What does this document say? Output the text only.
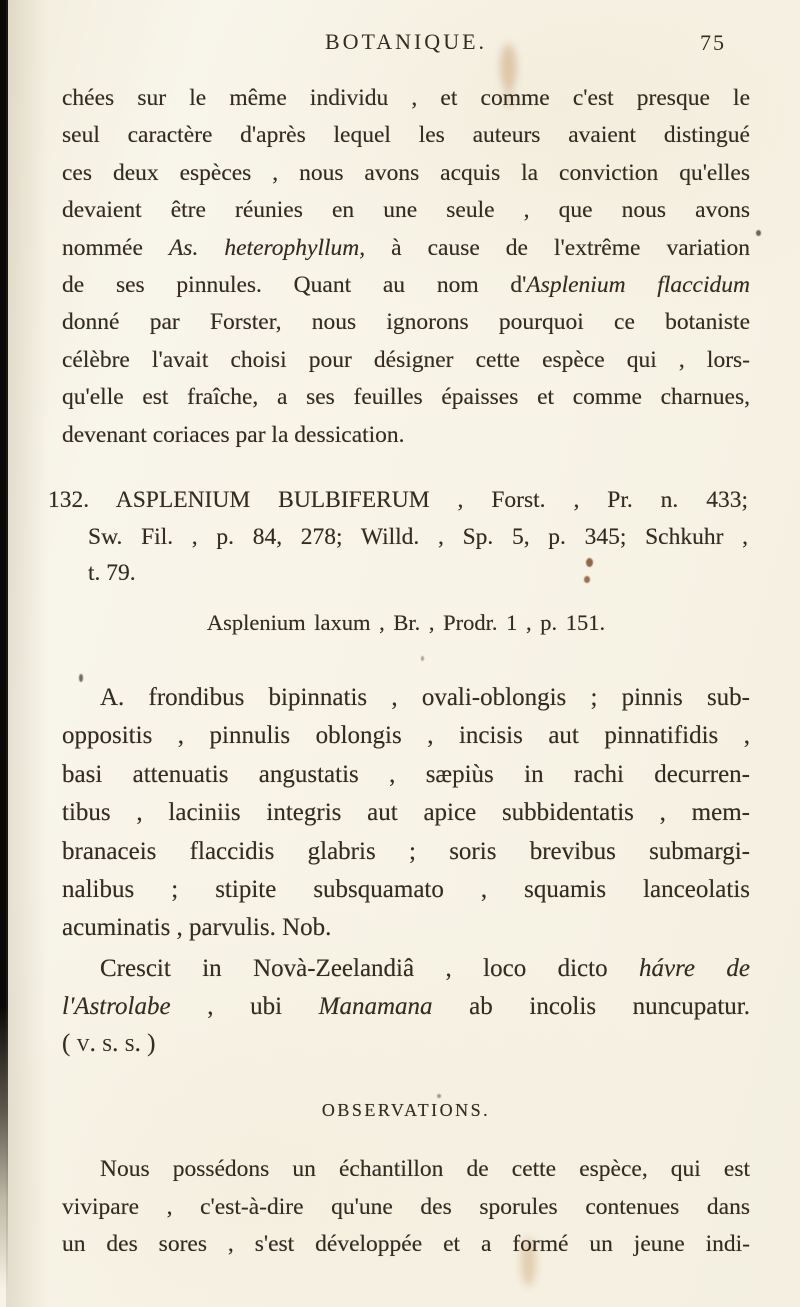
BOTANIQUE.	75
chées sur le même individu , et comme c'est presque le
seul caractère d'après lequel les auteurs avaient distingué
ces deux espèces , nous avons acquis la conviction qu'elles
devaient être réunies en une seule , que nous avons
nommée As. heterophyllum, à cause de l'extrême variation
de ses pinnules. Quant au nom d'Asplenium flaccidum
donné par Forster, nous ignorons pourquoi ce botaniste
célèbre l'avait choisi pour désigner cette espèce qui , lors-
qu'elle est fraîche, a ses feuilles épaisses et comme charnues,
devenant coriaces par la dessication.
132. ASPLENIUM BULBIFERUM , Forst. , Pr. n. 433;
Sw. Fil. , p. 84, 278; Willd. , Sp. 5, p. 345; Schkuhr ,
t. 79.
Asplenium laxum , Br. , Prodr. 1 , p. 151.
A. frondibus bipinnatis , ovali-oblongis ; pinnis sub-
oppositis , pinnulis oblongis , incisis aut pinnatifidis ,
basi attenuatis angustatis , sæpiùs in rachi decurren-
tibus , laciniis integris aut apice subbidentatis , mem-
branaceis flaccidis glabris ; soris brevibus submargi-
nalibus ; stipite subsquamato , squamis lanceolatis
acuminatis , parvulis. Nob.
Crescit in Novà-Zeelandiâ , loco dicto hávre de
l'Astrolabe , ubi Manamana ab incolis nuncupatur.
( v. s. s. )
OBSERVATIONS.
Nous possédons un échantillon de cette espèce, qui est
vivipare , c'est-à-dire qu'une des sporules contenues dans
un des sores , s'est développée et a formé un jeune indi-
